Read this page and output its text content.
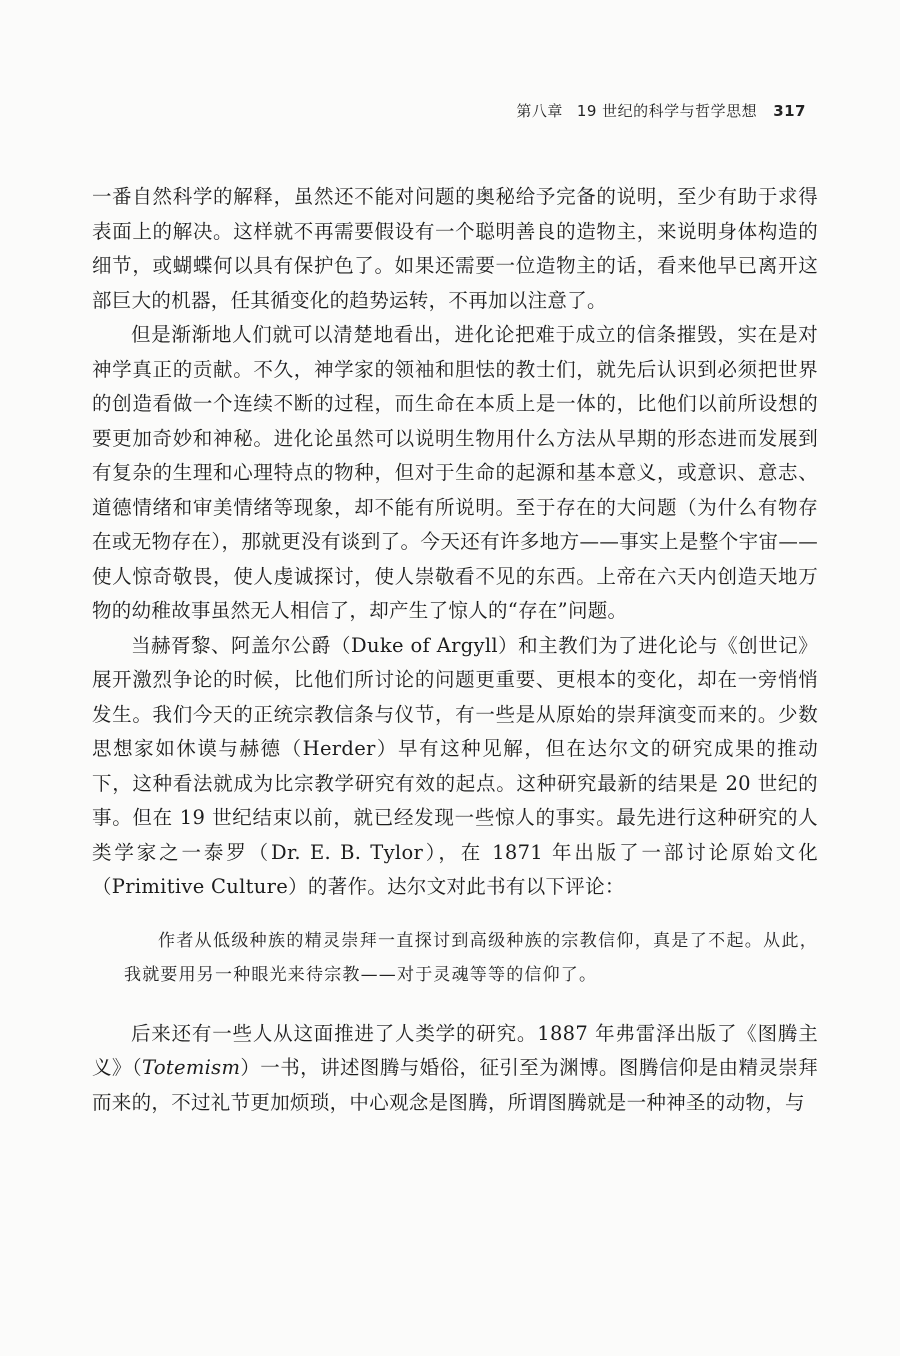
第八章 19 世纪的科学与哲学思想 317

一番自然科学的解释，虽然还不能对问题的奥秘给予完备的说明，至少有助于求得表面上的解决。这样就不再需要假设有一个聪明善良的造物主，来说明身体构造的细节，或蝴蝶何以具有保护色了。如果还需要一位造物主的话，看来他早已离开这部巨大的机器，任其循变化的趋势运转，不再加以注意了。

但是渐渐地人们就可以清楚地看出，进化论把难于成立的信条摧毁，实在是对神学真正的贡献。不久，神学家的领袖和胆怯的教士们，就先后认识到必须把世界的创造看做一个连续不断的过程，而生命在本质上是一体的，比他们以前所设想的要更加奇妙和神秘。进化论虽然可以说明生物用什么方法从早期的形态进而发展到有复杂的生理和心理特点的物种，但对于生命的起源和基本意义，或意识、意志、道德情绪和审美情绪等现象，却不能有所说明。至于存在的大问题（为什么有物存在或无物存在），那就更没有谈到了。今天还有许多地方——事实上是整个宇宙——使人惊奇敬畏，使人虔诚探讨，使人崇敬看不见的东西。上帝在六天内创造天地万物的幼稚故事虽然无人相信了，却产生了惊人的“存在”问题。

当赫胥黎、阿盖尔公爵（Duke of Argyll）和主教们为了进化论与《创世记》展开激烈争论的时候，比他们所讨论的问题更重要、更根本的变化，却在一旁悄悄发生。我们今天的正统宗教信条与仪节，有一些是从原始的崇拜演变而来的。少数思想家如休谟与赫德（Herder）早有这种见解，但在达尔文的研究成果的推动下，这种看法就成为比宗教学研究有效的起点。这种研究最新的结果是 20 世纪的事。但在 19 世纪结束以前，就已经发现一些惊人的事实。最先进行这种研究的人类学家之一泰罗（Dr. E. B. Tylor），在 1871 年出版了一部讨论原始文化（Primitive Culture）的著作。达尔文对此书有以下评论：

作者从低级种族的精灵崇拜一直探讨到高级种族的宗教信仰，真是了不起。从此，我就要用另一种眼光来待宗教——对于灵魂等等的信仰了。

后来还有一些人从这面推进了人类学的研究。1887 年弗雷泽出版了《图腾主义》（Totemism）一书，讲述图腾与婚俗，征引至为渊博。图腾信仰是由精灵崇拜而来的，不过礼节更加烦琐，中心观念是图腾，所谓图腾就是一种神圣的动物，与
